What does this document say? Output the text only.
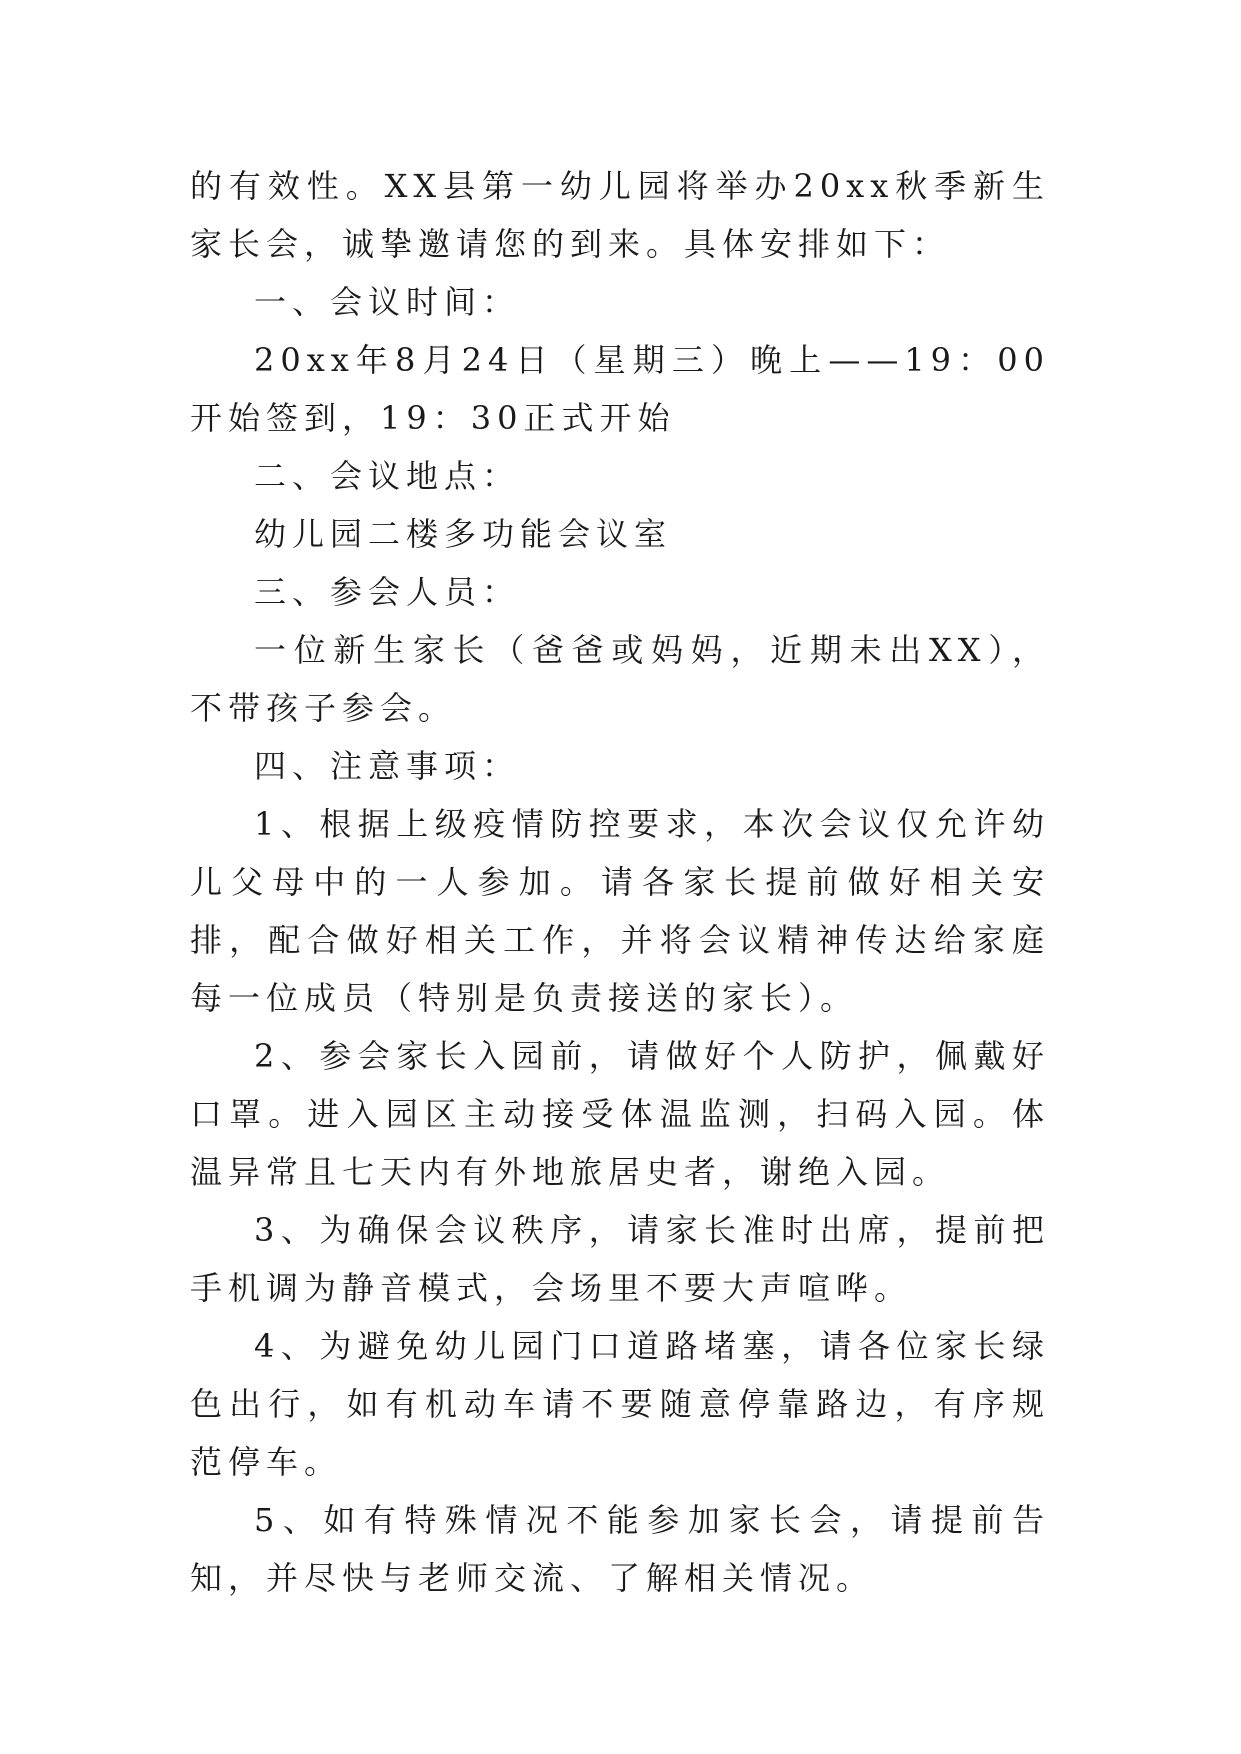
的有效性。XX县第一幼儿园将举办20xx秋季新生家长会，诚挚邀请您的到来。具体安排如下：

一、会议时间：

20xx年8月24日（星期三）晚上——19：00开始签到，19：30正式开始

二、会议地点：

幼儿园二楼多功能会议室

三、参会人员：

一位新生家长（爸爸或妈妈，近期未出XX），不带孩子参会。

四、注意事项：

1、根据上级疫情防控要求，本次会议仅允许幼儿父母中的一人参加。请各家长提前做好相关安排，配合做好相关工作，并将会议精神传达给家庭每一位成员（特别是负责接送的家长）。

2、参会家长入园前，请做好个人防护，佩戴好口罩。进入园区主动接受体温监测，扫码入园。体温异常且七天内有外地旅居史者，谢绝入园。

3、为确保会议秩序，请家长准时出席，提前把手机调为静音模式，会场里不要大声喧哗。

4、为避免幼儿园门口道路堵塞，请各位家长绿色出行，如有机动车请不要随意停靠路边，有序规范停车。

5、如有特殊情况不能参加家长会，请提前告知，并尽快与老师交流、了解相关情况。
